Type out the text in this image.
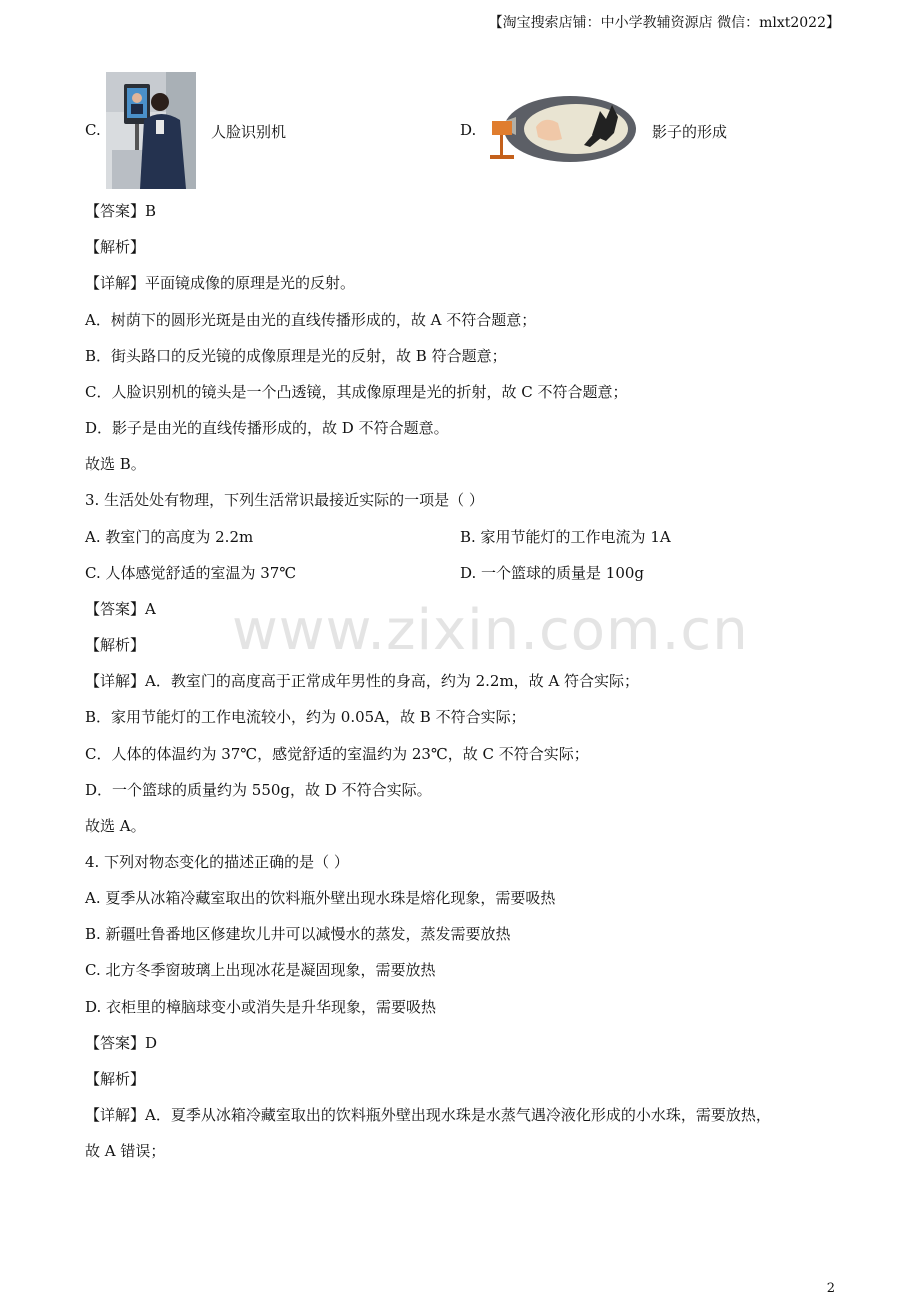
【淘宝搜索店铺：中小学教辅资源店 微信：mlxt2022】
www.zixin.com.cn
C.	人脸识别机	D.	影子的形成
【答案】B
【解析】
【详解】平面镜成像的原理是光的反射。
A．树荫下的圆形光斑是由光的直线传播形成的，故 A 不符合题意；
B．街头路口的反光镜的成像原理是光的反射，故 B 符合题意；
C．人脸识别机的镜头是一个凸透镜，其成像原理是光的折射，故 C 不符合题意；
D．影子是由光的直线传播形成的，故 D 不符合题意。
故选 B。
3. 生活处处有物理，下列生活常识最接近实际的一项是（ ）
A. 教室门的高度为 2.2m	B. 家用节能灯的工作电流为 1A
C. 人体感觉舒适的室温为 37℃	D. 一个篮球的质量是 100g
【答案】A
【解析】
【详解】A．教室门的高度高于正常成年男性的身高，约为 2.2m，故 A 符合实际；
B．家用节能灯的工作电流较小，约为 0.05A，故 B 不符合实际；
C．人体的体温约为 37℃，感觉舒适的室温约为 23℃，故 C 不符合实际；
D．一个篮球的质量约为 550g，故 D 不符合实际。
故选 A。
4. 下列对物态变化的描述正确的是（ ）
A. 夏季从冰箱冷藏室取出的饮料瓶外壁出现水珠是熔化现象，需要吸热
B. 新疆吐鲁番地区修建坎儿井可以减慢水的蒸发，蒸发需要放热
C. 北方冬季窗玻璃上出现冰花是凝固现象，需要放热
D. 衣柜里的樟脑球变小或消失是升华现象，需要吸热
【答案】D
【解析】
【详解】A．夏季从冰箱冷藏室取出的饮料瓶外壁出现水珠是水蒸气遇冷液化形成的小水珠，需要放热，
故 A 错误；
2
